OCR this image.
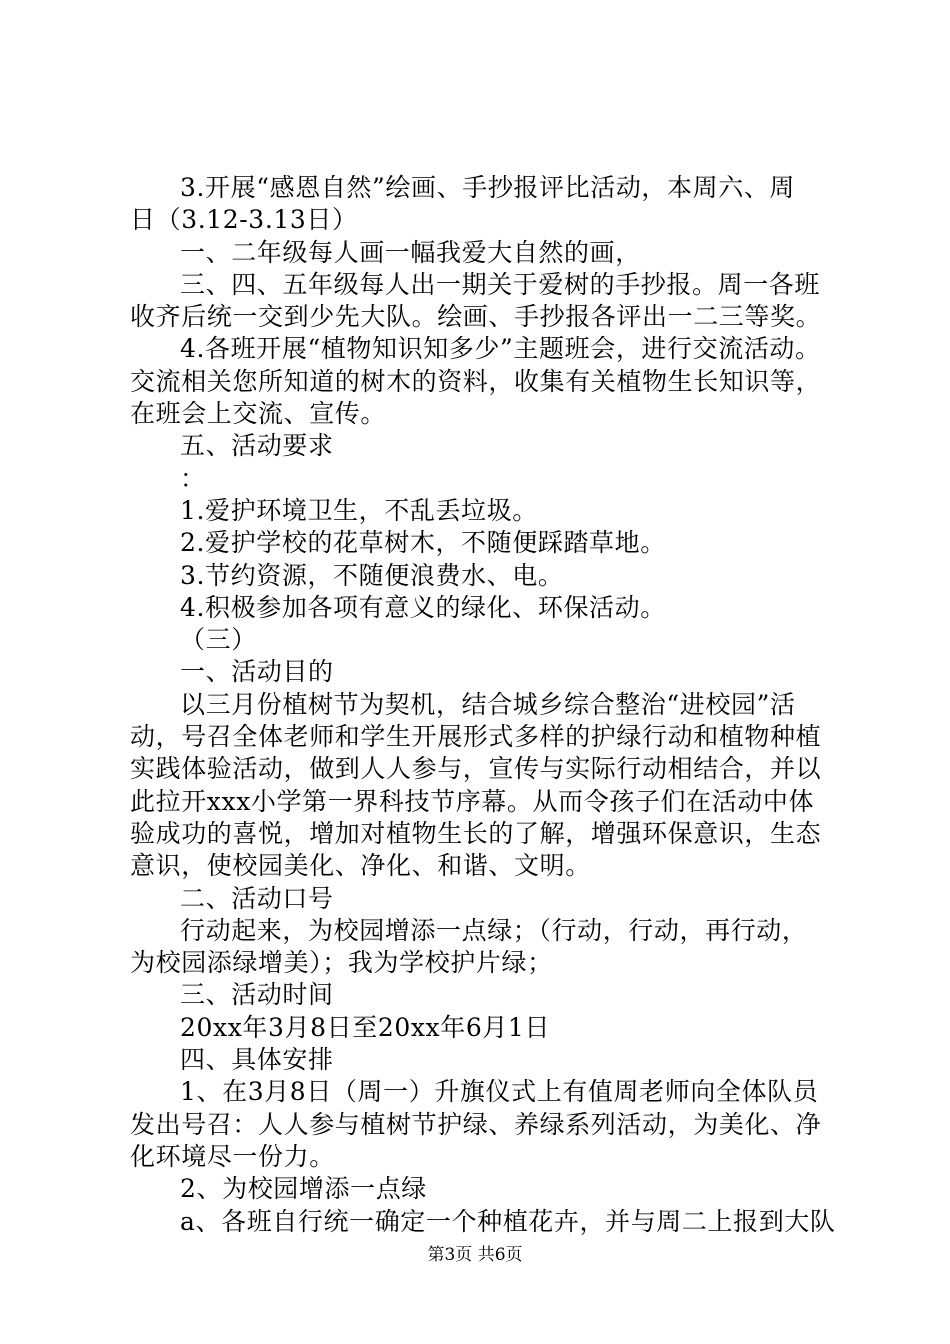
3.开展“感恩自然”绘画、手抄报评比活动，本周六、周
日（3.12-3.13日）
一、二年级每人画一幅我爱大自然的画，
三、四、五年级每人出一期关于爱树的手抄报。周一各班
收齐后统一交到少先大队。绘画、手抄报各评出一二三等奖。
4.各班开展“植物知识知多少”主题班会，进行交流活动。
交流相关您所知道的树木的资料，收集有关植物生长知识等，
在班会上交流、宣传。
五、活动要求
：
1.爱护环境卫生，不乱丢垃圾。
2.爱护学校的花草树木，不随便踩踏草地。
3.节约资源，不随便浪费水、电。
4.积极参加各项有意义的绿化、环保活动。
（三）
一、活动目的
以三月份植树节为契机，结合城乡综合整治“进校园”活
动，号召全体老师和学生开展形式多样的护绿行动和植物种植
实践体验活动，做到人人参与，宣传与实际行动相结合，并以
此拉开xxx小学第一界科技节序幕。从而令孩子们在活动中体
验成功的喜悦，增加对植物生长的了解，增强环保意识，生态
意识，使校园美化、净化、和谐、文明。
二、活动口号
行动起来，为校园增添一点绿；（行动，行动，再行动，
为校园添绿增美）；我为学校护片绿；
三、活动时间
20xx年3月8日至20xx年6月1日
四、具体安排
1、在3月8日（周一）升旗仪式上有值周老师向全体队员
发出号召：人人参与植树节护绿、养绿系列活动，为美化、净
化环境尽一份力。
2、为校园增添一点绿
a、各班自行统一确定一个种植花卉，并与周二上报到大队
第3页 共6页
